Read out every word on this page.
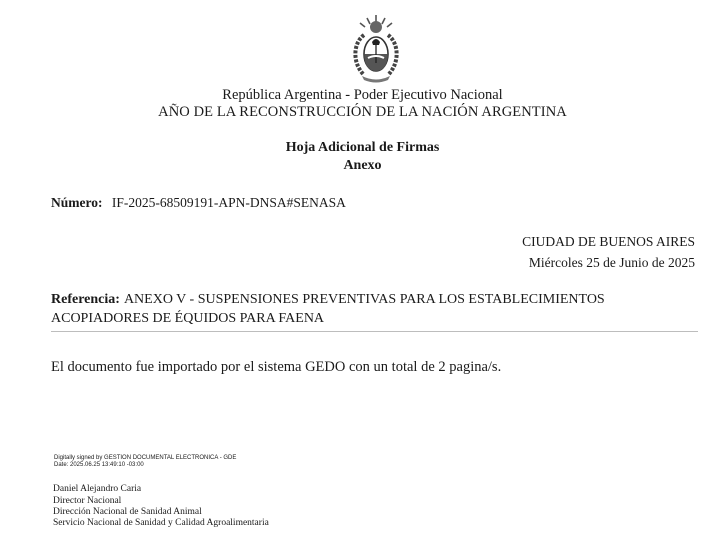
República Argentina - Poder Ejecutivo Nacional
AÑO DE LA RECONSTRUCCIÓN DE LA NACIÓN ARGENTINA
Hoja Adicional de Firmas
Anexo
Número: IF-2025-68509191-APN-DNSA#SENASA
CIUDAD DE BUENOS AIRES
Miércoles 25 de Junio de 2025
Referencia: ANEXO V - SUSPENSIONES PREVENTIVAS PARA LOS ESTABLECIMIENTOS ACOPIADORES DE ÉQUIDOS PARA FAENA
El documento fue importado por el sistema GEDO con un total de 2 pagina/s.
Digitally signed by GESTION DOCUMENTAL ELECTRONICA - GDE
Date: 2025.06.25 13:49:10 -03:00
Daniel Alejandro Caria
Director Nacional
Dirección Nacional de Sanidad Animal
Servicio Nacional de Sanidad y Calidad Agroalimentaria
